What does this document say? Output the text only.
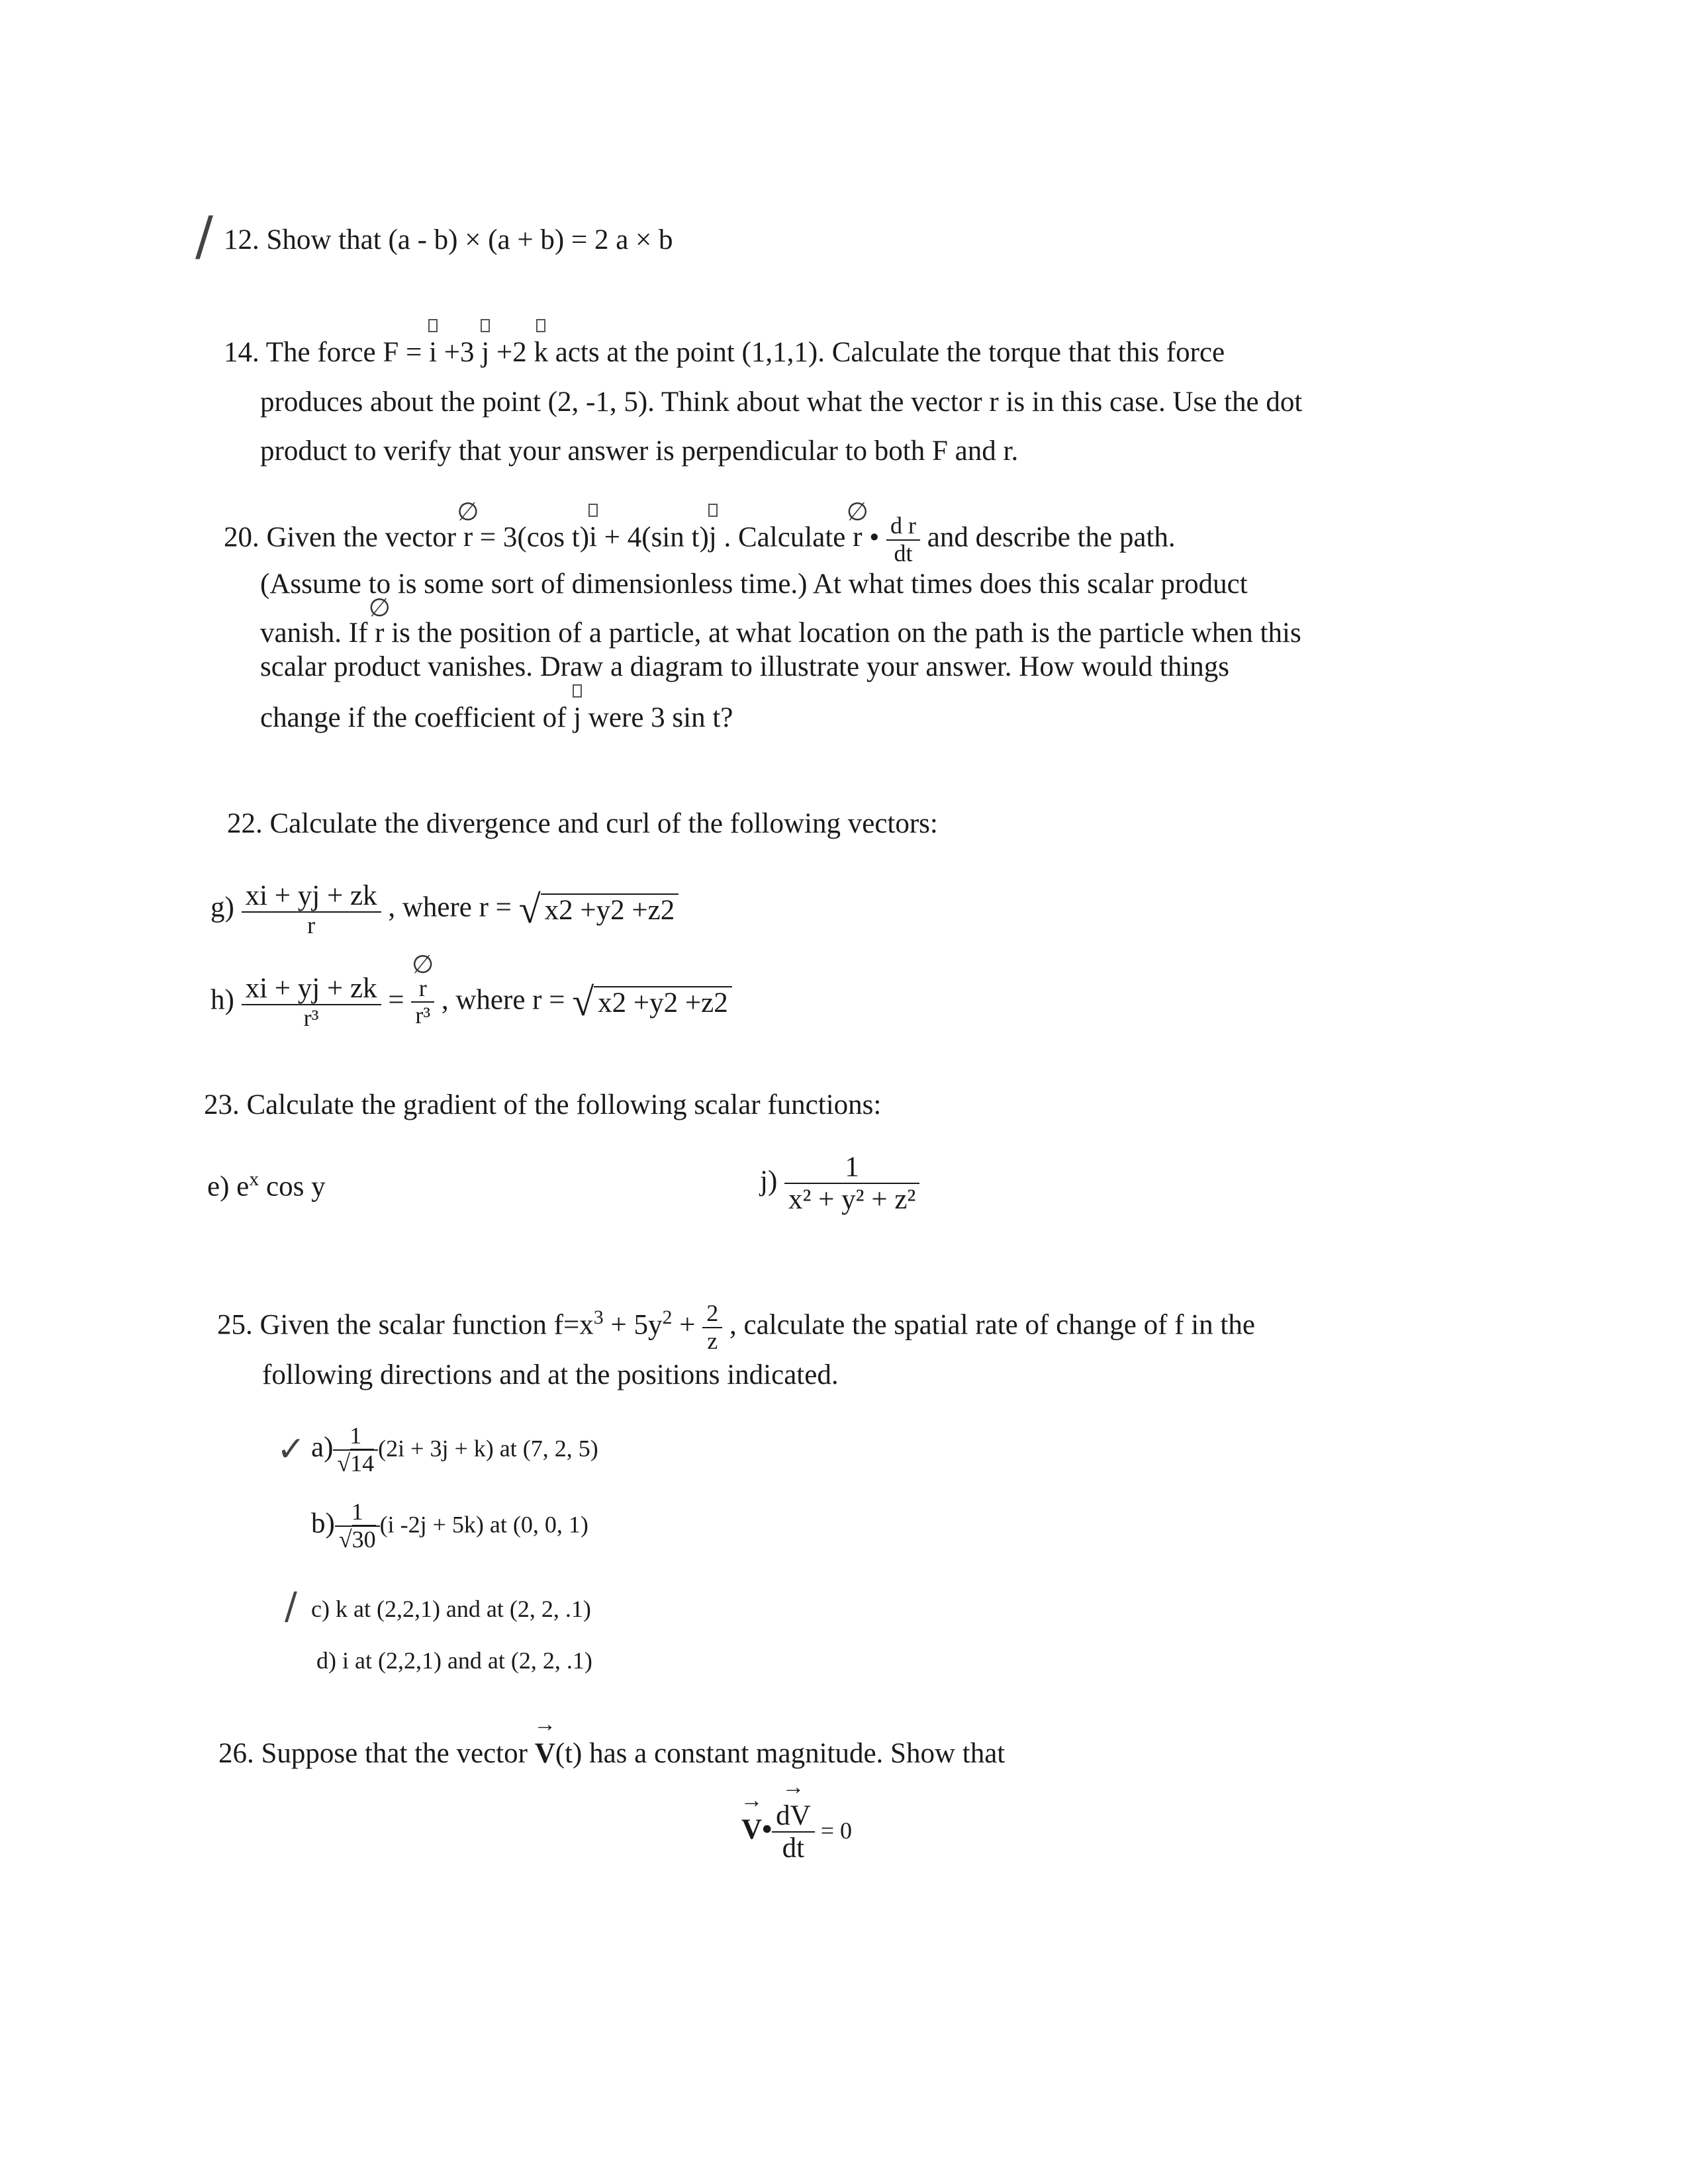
/ 12. Show that (a - b) × (a + b) = 2 a × b
14. The force F = i +3 j +2 k acts at the point (1,1,1). Calculate the torque that this force
produces about the point (2, -1, 5). Think about what the vector r is in this case. Use the dot
product to verify that your answer is perpendicular to both F and r.
20. Given the vector ∅ r = 3(cos t)i + 4(sin t)j . Calculate ∅ r • $\frac{\text{d r}}{dt}$ and describe the path.
(Assume to is some sort of dimensionless time.) At what times does this scalar product
vanish. If ∅ r is the position of a particle, at what location on the path is the particle when this
scalar product vanishes. Draw a diagram to illustrate your answer. How would things
change if the coefficient of j were 3 sin t?
22. Calculate the divergence and curl of the following vectors:
$g) \frac{xi + yj + zk}{r}$ , where r = √ x2 +y2 +z2
$h) \frac{xi + yj + zk}{\text{r³}}$ = ∅ $\frac{r}{\text{r³}}$ , where r = √ x2 +y2 +z2
23. Calculate the gradient of the following scalar functions:
e) $e^x$ cos y	$j) \frac{1}{\text{x² + y² + z²}}$
25. Given the scalar function $f=x^3 + 5y^2 + \frac{2}{z}$ , calculate the spatial rate of change of f in the
following directions and at the positions indicated.
✓ $a) \frac{1}{√14} (2i + 3j + k)$ at (7, 2, 5)
$b) \frac{1}{√30} (i$ -2j + 5k) at (0, 0, 1)
/ c) k at (2,2,1) and at (2, 2, .1)
d) i at (2,2,1) and at (2, 2, .1)
26. Suppose that the vector → V(t) has a constant magnitude. Show that
→ V• → $\frac{dV}{dt} = 0$
